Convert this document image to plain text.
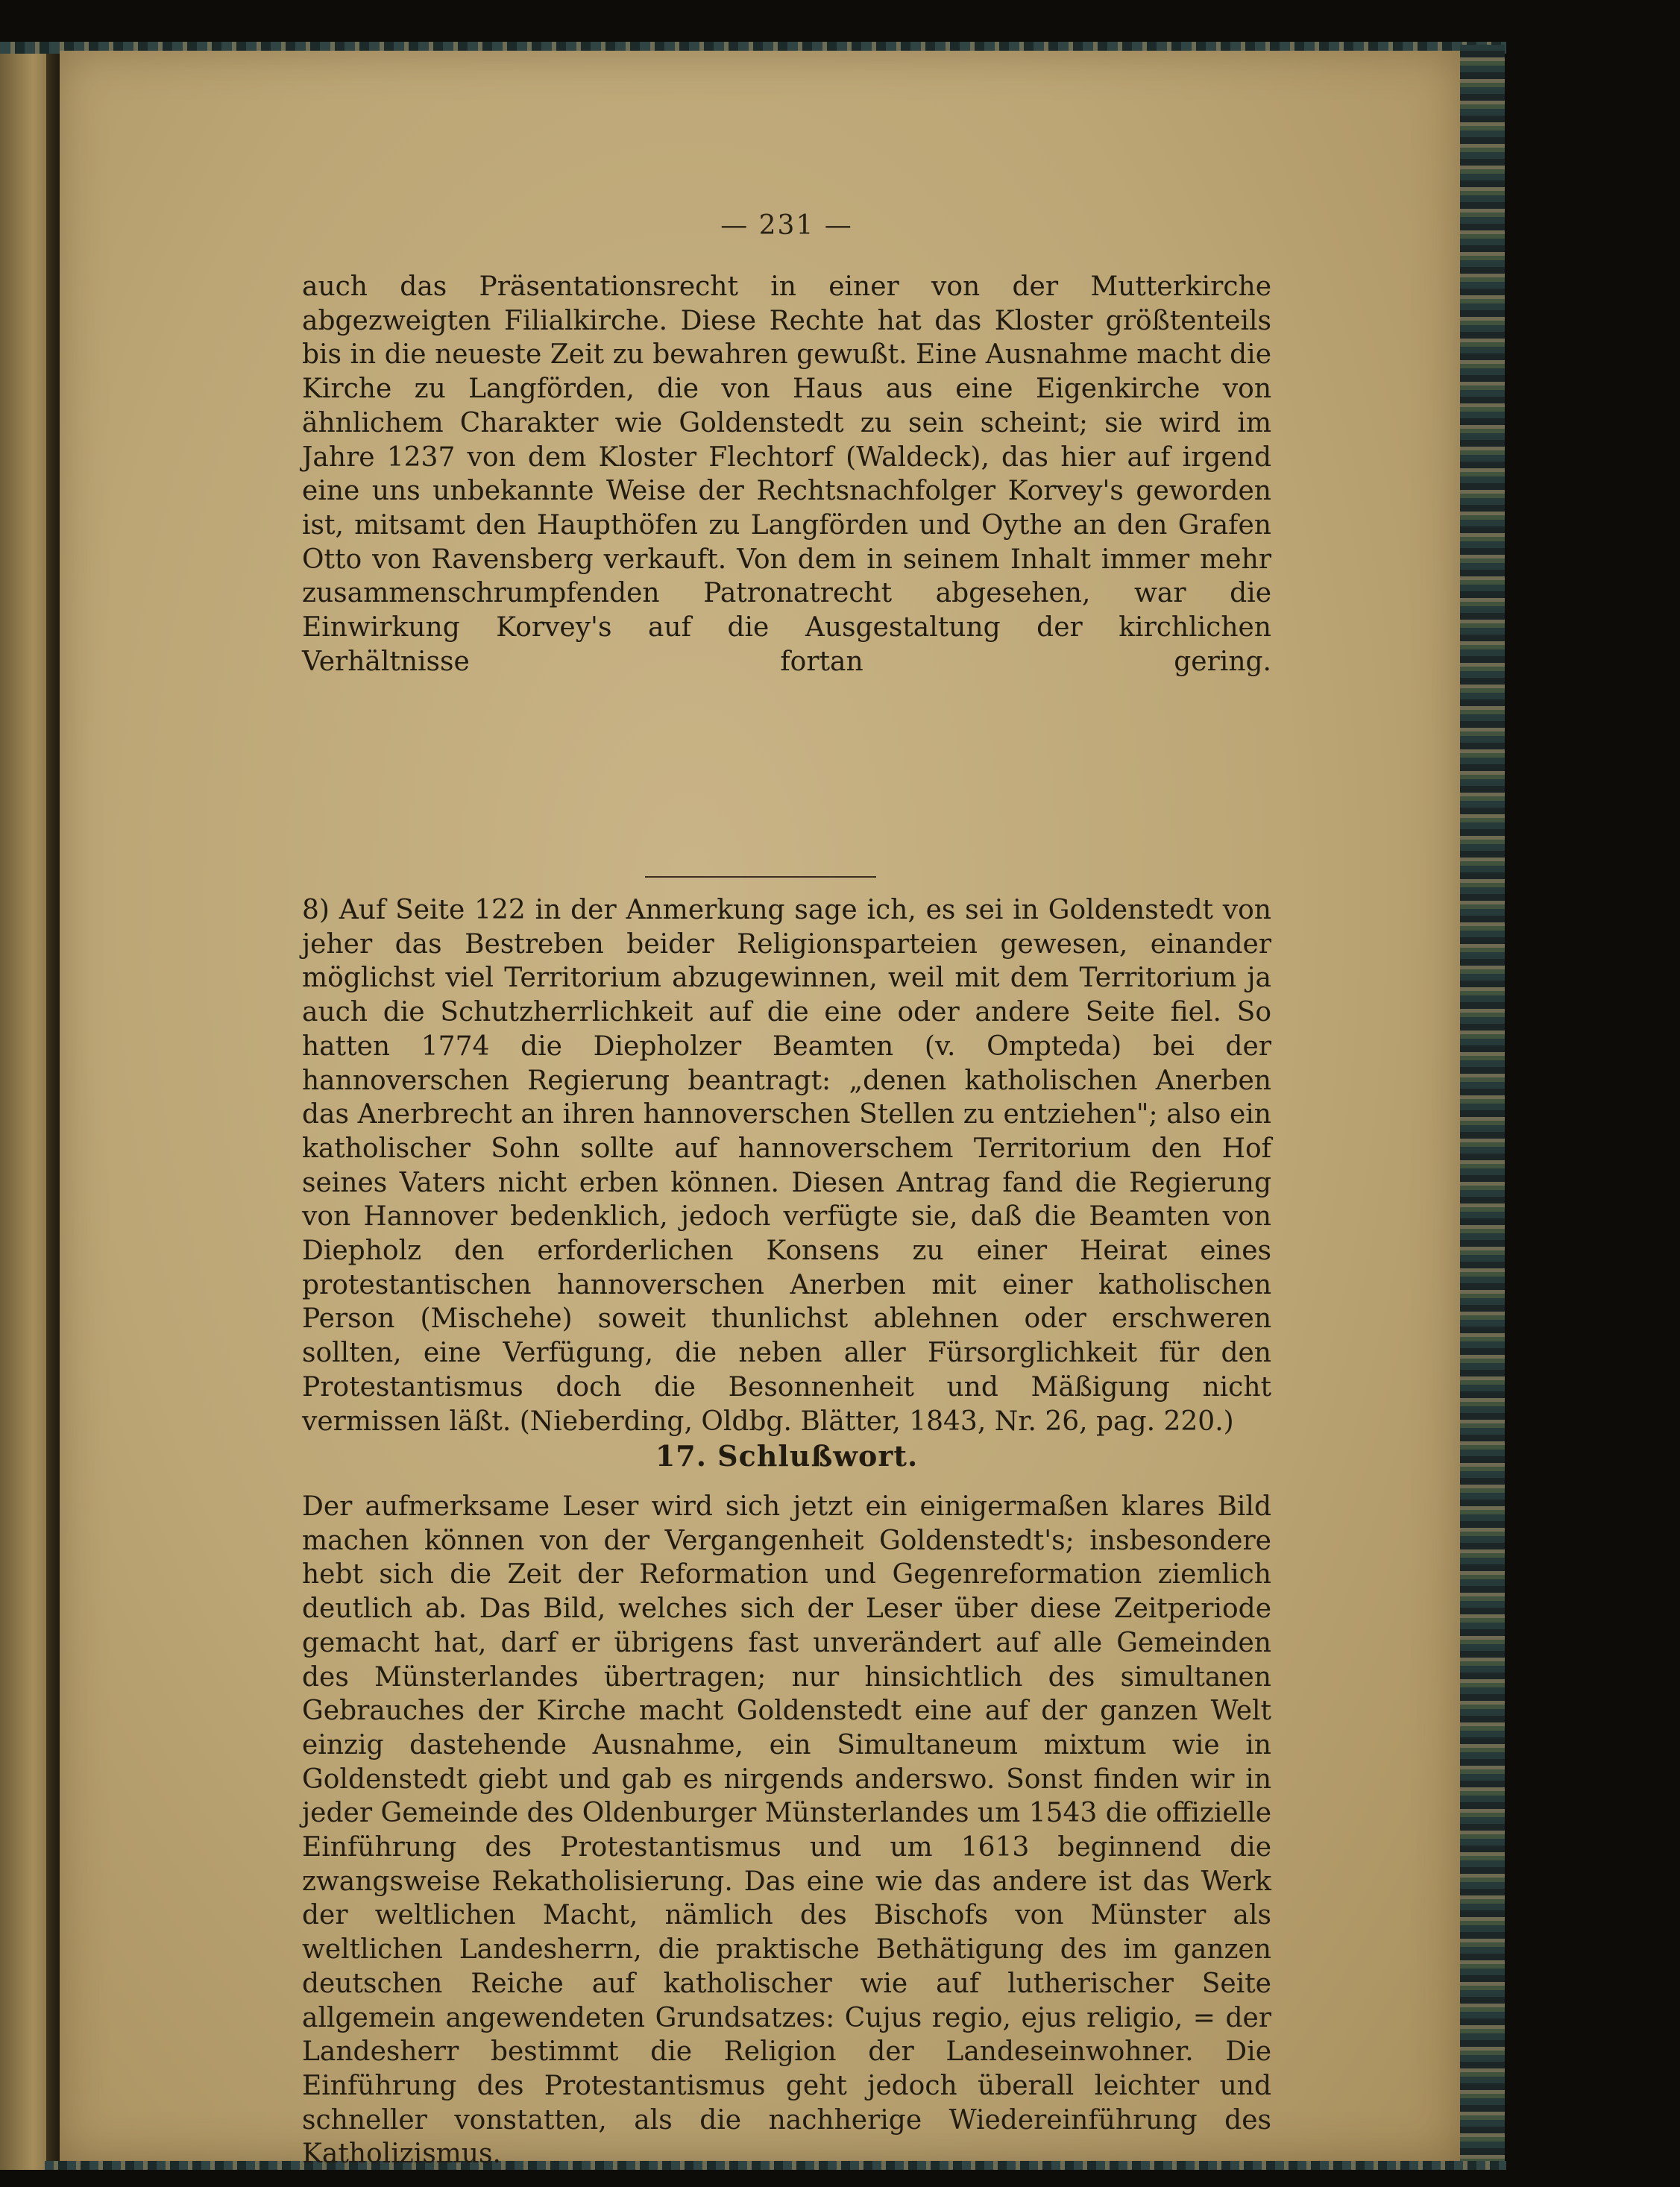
— 231 —

auch das Präsentationsrecht in einer von der Mutterkirche abgezweigten Filialkirche. Diese Rechte hat das Kloster größtenteils bis in die neueste Zeit zu bewahren gewußt. Eine Ausnahme macht die Kirche zu Langförden, die von Haus aus eine Eigenkirche von ähnlichem Charakter wie Goldenstedt zu sein scheint; sie wird im Jahre 1237 von dem Kloster Flechtorf (Waldeck), das hier auf irgend eine uns unbekannte Weise der Rechtsnachfolger Korvey's geworden ist, mitsamt den Haupthöfen zu Langförden und Oythe an den Grafen Otto von Ravensberg verkauft. Von dem in seinem Inhalt immer mehr zusammenschrumpfenden Patronatrecht abgesehen, war die Einwirkung Korvey's auf die Ausgestaltung der kirchlichen Verhältnisse fortan gering.

8) Auf Seite 122 in der Anmerkung sage ich, es sei in Goldenstedt von jeher das Bestreben beider Religionsparteien gewesen, einander möglichst viel Territorium abzugewinnen, weil mit dem Territorium ja auch die Schutzherrlichkeit auf die eine oder andere Seite fiel. So hatten 1774 die Diepholzer Beamten (v. Ompteda) bei der hannoverschen Regierung beantragt: „denen katholischen Anerben das Anerbrecht an ihren hannoverschen Stellen zu entziehen"; also ein katholischer Sohn sollte auf hannoverschem Territorium den Hof seines Vaters nicht erben können. Diesen Antrag fand die Regierung von Hannover bedenklich, jedoch verfügte sie, daß die Beamten von Diepholz den erforderlichen Konsens zu einer Heirat eines protestantischen hannoverschen Anerben mit einer katholischen Person (Mischehe) soweit thunlichst ablehnen oder erschweren sollten, eine Verfügung, die neben aller Fürsorglichkeit für den Protestantismus doch die Besonnenheit und Mäßigung nicht vermissen läßt. (Nieberding, Oldbg. Blätter, 1843, Nr. 26, pag. 220.)

17. Schlußwort.

Der aufmerksame Leser wird sich jetzt ein einigermaßen klares Bild machen können von der Vergangenheit Goldenstedt's; insbesondere hebt sich die Zeit der Reformation und Gegenreformation ziemlich deutlich ab. Das Bild, welches sich der Leser über diese Zeitperiode gemacht hat, darf er übrigens fast unverändert auf alle Gemeinden des Münsterlandes übertragen; nur hinsichtlich des simultanen Gebrauches der Kirche macht Goldenstedt eine auf der ganzen Welt einzig dastehende Ausnahme, ein Simultaneum mixtum wie in Goldenstedt giebt und gab es nirgends anderswo. Sonst finden wir in jeder Gemeinde des Oldenburger Münsterlandes um 1543 die offizielle Einführung des Protestantismus und um 1613 beginnend die zwangsweise Rekatholisierung. Das eine wie das andere ist das Werk der weltlichen Macht, nämlich des Bischofs von Münster als weltlichen Landesherrn, die praktische Bethätigung des im ganzen deutschen Reiche auf katholischer wie auf lutherischer Seite allgemein angewendeten Grundsatzes: Cujus regio, ejus religio, = der Landesherr bestimmt die Religion der Landeseinwohner. Die Einführung des Protestantismus geht jedoch überall leichter und schneller vonstatten, als die nachherige Wiedereinführung des Katholizismus.
